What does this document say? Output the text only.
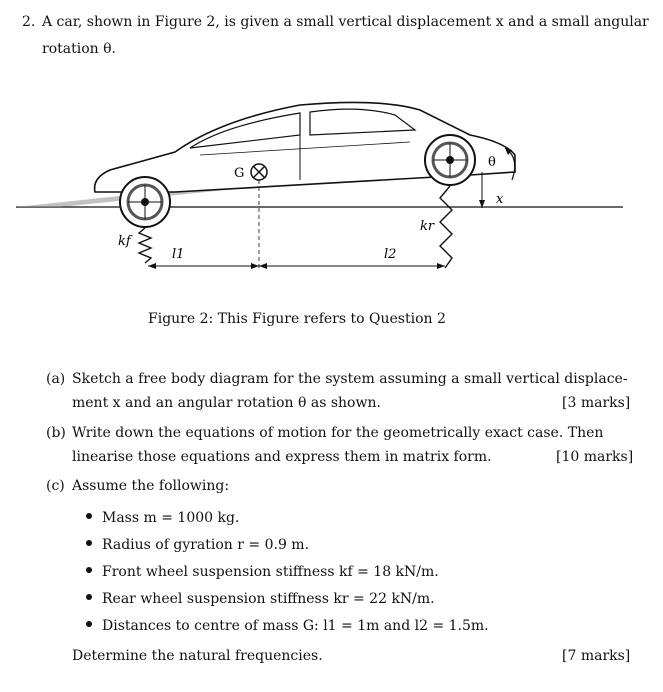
2. A car, shown in Figure 2, is given a small vertical displacement x and a small angular
rotation θ.
G
kf
kr
l1	l2
θ
x
Figure 2: This Figure refers to Question 2
(a) Sketch a free body diagram for the system assuming a small vertical displace-
ment x and an angular rotation θ as shown.	[3 marks]
(b) Write down the equations of motion for the geometrically exact case. Then
linearise those equations and express them in matrix form.	[10 marks]
(c) Assume the following:
Mass m = 1000 kg.
Radius of gyration r = 0.9 m.
Front wheel suspension stiffness kf = 18 kN/m.
Rear wheel suspension stiffness kr = 22 kN/m.
Distances to centre of mass G: l1 = 1m and l2 = 1.5m.
Determine the natural frequencies.	[7 marks]
